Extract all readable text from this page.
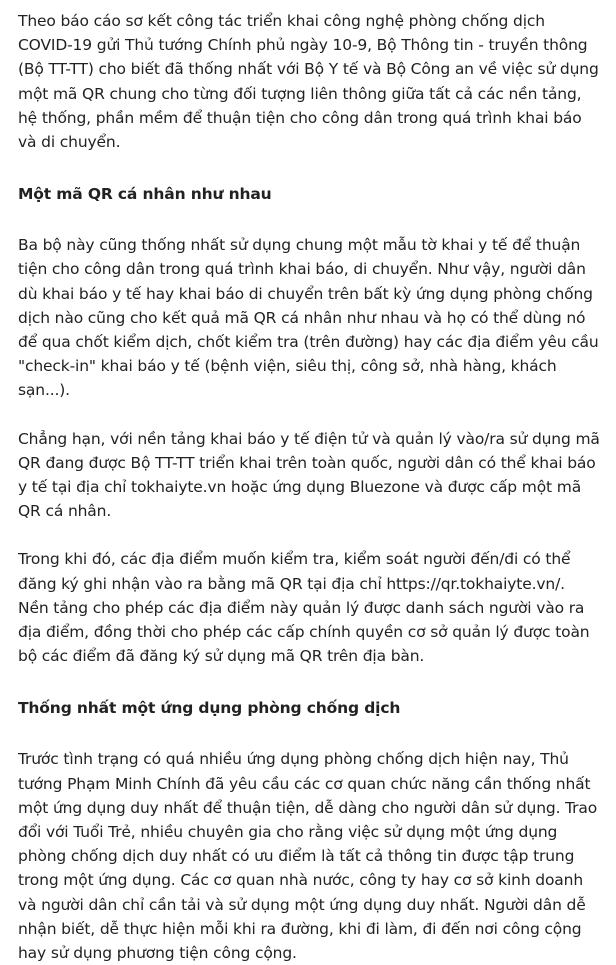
Theo báo cáo sơ kết công tác triển khai công nghệ phòng chống dịch COVID-19 gửi Thủ tướng Chính phủ ngày 10-9, Bộ Thông tin - truyền thông (Bộ TT-TT) cho biết đã thống nhất với Bộ Y tế và Bộ Công an về việc sử dụng một mã QR chung cho từng đối tượng liên thông giữa tất cả các nền tảng, hệ thống, phần mềm để thuận tiện cho công dân trong quá trình khai báo và di chuyển.

Một mã QR cá nhân như nhau

Ba bộ này cũng thống nhất sử dụng chung một mẫu tờ khai y tế để thuận tiện cho công dân trong quá trình khai báo, di chuyển. Như vậy, người dân dù khai báo y tế hay khai báo di chuyển trên bất kỳ ứng dụng phòng chống dịch nào cũng cho kết quả mã QR cá nhân như nhau và họ có thể dùng nó để qua chốt kiểm dịch, chốt kiểm tra (trên đường) hay các địa điểm yêu cầu "check-in" khai báo y tế (bệnh viện, siêu thị, công sở, nhà hàng, khách sạn...).

Chẳng hạn, với nền tảng khai báo y tế điện tử và quản lý vào/ra sử dụng mã QR đang được Bộ TT-TT triển khai trên toàn quốc, người dân có thể khai báo y tế tại địa chỉ tokhaiyte.vn hoặc ứng dụng Bluezone và được cấp một mã QR cá nhân.

Trong khi đó, các địa điểm muốn kiểm tra, kiểm soát người đến/đi có thể đăng ký ghi nhận vào ra bằng mã QR tại địa chỉ https://qr.tokhaiyte.vn/. Nền tảng cho phép các địa điểm này quản lý được danh sách người vào ra địa điểm, đồng thời cho phép các cấp chính quyền cơ sở quản lý được toàn bộ các điểm đã đăng ký sử dụng mã QR trên địa bàn.

Thống nhất một ứng dụng phòng chống dịch

Trước tình trạng có quá nhiều ứng dụng phòng chống dịch hiện nay, Thủ tướng Phạm Minh Chính đã yêu cầu các cơ quan chức năng cần thống nhất một ứng dụng duy nhất để thuận tiện, dễ dàng cho người dân sử dụng. Trao đổi với Tuổi Trẻ, nhiều chuyên gia cho rằng việc sử dụng một ứng dụng phòng chống dịch duy nhất có ưu điểm là tất cả thông tin được tập trung trong một ứng dụng. Các cơ quan nhà nước, công ty hay cơ sở kinh doanh và người dân chỉ cần tải và sử dụng một ứng dụng duy nhất. Người dân dễ nhận biết, dễ thực hiện mỗi khi ra đường, khi đi làm, đi đến nơi công cộng hay sử dụng phương tiện công cộng.
